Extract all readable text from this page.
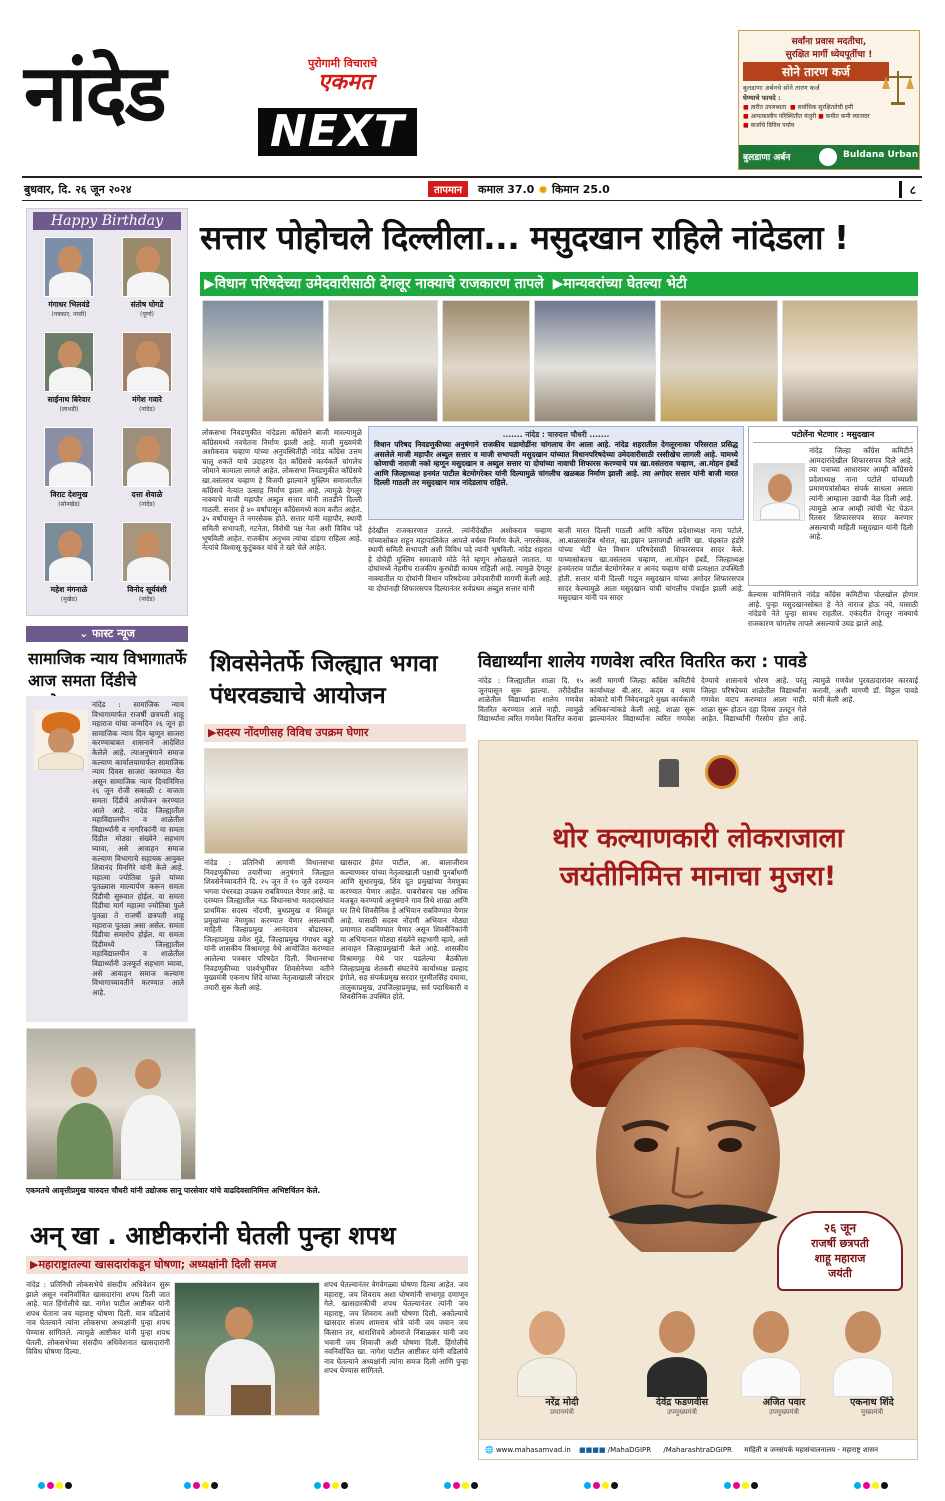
नांदेड	पुरोगामी विचाराचे
एकमत
NEXT
सर्वांना प्रवास मदतीचा,
सुरक्षित मार्गी ध्येयपूर्तीचा !
सोने तारण कर्ज
बुलडाणा अर्बनचे सोने तारण कर्ज
घेण्याचे फायदे :
■ त्वरीत उपलब्धता ■ सर्वाधिक सुरक्षिततेची हमी
■ आपत्कालीन परिस्थितीत मंजुरी ■ कमीत कमी व्याजदर
■ कर्जाचे विविध पर्याय
बुलडाणा अर्बन	Buldana Urban
बुधवार, दि. २६ जून २०२४	तापमान	कमाल 37.0 ✹ किमान 25.0	८
Happy Birthday
गंगाधर भिलवंडे
(पत्रकार, नरसी)
संतोष घोगडे
(पूर्णा)
साईनाथ बिरेवार
(लाथडी)
मंगेश गवारे
(नांदेड)
विराट देशमुख
(सोनखेड)
दत्ता शेवाळे
(नांदेड)
महेश मंगनाळे
(मुखेड)
विनोद सूर्यवंशी
(नांदेड)
सत्तार पोहोचले दिल्लीला... मसुदखान राहिले नांदेडला !
▶विधान परिषदेच्या उमेदवारीसाठी देगलूर नाक्याचे राजकारण तापले ▶मान्यवरांच्या घेतल्या भेटी
लोकसभा निवडणुकीत नांदेडला काँग्रेसने बाजी मारल्यामुळे काँग्रेसमध्ये नवचेतना निर्माण झाली आहे. माजी मुख्यमंत्री अशोकराव चव्हाण यांच्या अनुपस्थितीही नांदेड काँग्रेस उत्तम चालू शकते याचे उदाहरण देत काँग्रेसचे कार्यकर्ते चांगलेच जोमाने कामाला लागले आहेत. लोकसभा निवडणुकीत काँग्रेसचे खा.वसंतराव चव्हाण हे विजयी झाल्याने मुस्लिम समाजातील काँग्रेसचे नेत्यांत उत्साह निर्माण झाला आहे. त्यामुळे देगलूर नाक्याचे माजी महापौर अब्दुल सत्तार यांनी तातडीने दिल्ली गाठली. सत्तार हे ४० वर्षांपासून काँग्रेसमध्ये काम करीत आहेत. ३५ वर्षांपासून ते नगरसेवक होते. सत्तार यांनी महापौर, स्थायी समिती सभापती, गटनेता, विरोधी पक्ष नेता अशी विविध पदे भूषविली आहेत. राजकीय अनुभव त्यांचा दांडगा राहिला आहे. नेत्यांचे विश्वासू कुटुंबकर यांचे ते खरे चेले आहेत.
....... नांदेड : चारुदत्त चौधरी .......
विधान परिषद निवडणुकीच्या अनुषंगाने राजकीय घडामोडींना चांगलाच वेग आला आहे. नांदेड शहरातील देगलूरनाका परिसरात प्रसिद्ध असलेले माजी महापौर अब्दुल सत्तार व माजी सभापती मसुदखान यांच्यात विधानपरिषदेच्या उमेदवारीसाठी रस्सीखेच लागली आहे. यामध्ये कोणाची नाराजी नको म्हणून मसुदखान व अब्दुल सत्तार या दोघांच्या नावाची शिफारस करण्याचे पत्र खा.वसंतराव चव्हाण, आ.मोहन हंबर्डे आणि जिल्हाध्यक्ष हनमंत पाटील बेटमोगरेकर यांनी दिल्यामुळे चांगलीच खळबळ निर्माण झाली आहे. त्या अगोदर सत्तार यांनी बाजी मारत दिल्ली गाठली तर मसुदखान मात्र नांदेडलाच राहिले.
हेदेखील राजकारणात उतरले. त्यांनीदेखील अशोकराव चव्हाण यांच्यासोबत राहून महापालिकेत आपले वर्चस्व निर्माण केले. नगरसेवक, स्थायी समिती सभापती अशी विविध पदे त्यांनी भूषविली. नांदेड शहरात हे दोघेही मुस्लिम समाजाचे मोठे नेते म्हणून ओळखले जातात. या दोघांमध्ये नेहमीच राजकीय कुरघोडी कायम राहिली आहे. त्यामुळे देगलूर नाक्यातील या दोघांनी विधान परिषदेच्या उमेदवारीची मागणी केली आहे. या दोघांनाही शिफारसपत्र दिल्यानंतर सर्वप्रथम अब्दुल सत्तार यांनी
बाजी मारत दिल्ली गाठली आणि काँग्रेस प्रदेशाध्यक्ष नाना पटोले, आ.बाळासाहेब थोरात, खा.इम्रान प्रतापगढी आणि खा. चंद्रकांत हंडोरे यांच्या भेटी घेत विधान परिषदेसाठी शिफारसपत्र सादर केले. याच्यासोबतच खा.वसंतराव चव्हाण, आ.मोहन हंबर्डे, जिल्हाध्यक्ष हनमंतराव पाटील बेटमोगरेकर व आनंद चव्हाण यांची प्रत्यक्षात उपस्थिती होती. सत्तार यांनी दिल्ली गाठून मसुदखान यांच्या अगोदर शिफारसपत्र सादर केल्यामुळे आता मसुदखान यांची चांगलीच पंचाईत झाली आहे. मसुदखान यांनी पत्र सादर
पटोलेंना भेटणार : मसुदखान
नांदेड जिल्हा काँग्रेस कमिटीने आमदारांदेखील शिफारसपत्र दिले आहे. त्या पत्राच्या आधारावर आम्ही काँग्रेसचे प्रदेशाध्यक्ष नाना पटोले यांच्याशी प्रमाणपत्रांसोबत संपर्क साधला असता त्यांनी आम्हाला उद्याची वेळ दिली आहे. त्यामुळे आज आम्ही त्यांची भेट घेऊन रितसर शिफारसपत्र सादर करणार असल्याची माहिती मसुदखान यांनी दिली आहे.
केल्यास यानिमित्ताने नांदेड काँग्रेस कमिटीचा पोलखोल होणार आहे. पुन्हा मसुदखानसोबत हे नेते नाराज होऊ नये, यासाठी नांदेडचे नेते पुन्हा सावध राहतील. एकंदरीत देगलूर नाक्याचे राजकारण चांगलेच तापले असल्याचे उघड झाले आहे.
⌄ फास्ट न्यूज
सामाजिक न्याय विभागातर्फे आज समता दिंडीचे
नांदेड : सामाजिक न्याय विभागामार्फत राजर्षी छत्रपती शाहू महाराज यांचा जन्मदिन २६ जून हा सामाजिक न्याय दिन म्हणून साजरा करण्याबाबत शासनाने आदेशित केलेले आहे. त्याअनुषंगाने समाज कल्याण कार्यालयामार्फत सामाजिक न्याय दिवस साजरा करण्यात येत असून सामाजिक न्याय दिनानिमित्त २६ जून रोजी सकाळी ८ वाजता समता दिंडीचे आयोजन करण्यात आले आहे. नांदेड जिल्ह्यातील महाविद्यालयीन व शाळेतील विद्यार्थ्यांनी व नागरिकांनी या समता दिंडीत मोठ्या संख्येने सहभाग घ्यावा, असे आवाहन समाज कल्याण विभागाचे सहायक आयुक्त शिवानंद मिनगिरे यांनी केले आहे. महात्मा ज्योतिबा फुले यांच्या पुतळ्यास माल्यार्पण करून समता दिंडीची सुरुवात होईल. या समता दिंडीचा मार्ग महात्मा ज्योतिबा फुले पुतळा ते राजर्षी छत्रपती शाहू महाराज पुतळा असा असेल. समता दिंडीचा समारोप होईल. या समता दिंडीमध्ये जिल्ह्यातील महाविद्यालयीन व शाळेतील विद्यार्थ्यांनी उत्स्फूर्त सहभाग घ्यावा, असे आवाहन समाज कल्याण विभागाच्यावतीने करण्यात आले आहे.
शिवसेनेतर्फे जिल्ह्यात भगवा पंधरवड्याचे आयोजन
▶सदस्य नोंदणीसह विविध उपक्रम घेणार
नांदेड : प्रतिनिधी आगामी विधानसभा निवडणुकीच्या तयारीच्या अनुषंगाने जिल्ह्यात शिवसेनेच्यावतीने दि. २५ जून ते १० जुलै दरम्यान भगवा पंधरवडा उपक्रम राबविण्यात येणार आहे. या दरम्यान जिल्ह्यातील नऊ विधानसभा मतदारसंघात प्राथमिक सदस्य नोंदणी, बुथप्रमुख व शिवदूत प्रमुखांच्या नेमणुका करण्यात येणार असल्याची माहिती जिल्हाप्रमुख आनंदराव बोंढारकर, जिल्हाप्रमुख उमेश मुंढे, जिल्हाप्रमुख गंगाधर बडूरे यांनी शासकीय विश्रामगृह येथे आयोजित करण्यात आलेल्या पत्रकार परिषदेत दिली. विधानसभा निवडणुकीच्या पार्श्वभूमीवर शिवसेनेच्या वतीने मुख्यमंत्री एकनाथ शिंदे यांच्या नेतृत्वाखाली जोरदार तयारी सुरू केली आहे.
खासदार हेमंत पाटील, आ. बालाजीराव कल्याणकर यांच्या नेतृत्वाखाली पक्षाची पुनर्बांधणी आणि सुधारमुख, शिव दूत प्रमुखांच्या नेमणुका करण्यात येणार आहेत. याबरोबरच पक्ष अधिक मजबूत करण्याचे अनुषंगाने गाव तिथे शाखा आणि घर तिथे शिवसैनिक हे अभियान राबविण्यात येणार आहे. यासाठी सदस्य नोंदणी अभियान मोठ्या प्रमाणात राबविण्यात येणार असून शिवसैनिकांनी या अभियानात मोठ्या संख्येने सहभागी व्हावे, असे आवाहन जिल्हाप्रमुखांनी केले आहे. शासकीय विश्रामगृह येथे पार पडलेल्या बैठकीला जिल्हाप्रमुख शेतकरी संघटनेचे कार्याध्यक्ष प्रल्हाद इंगोले, सह संपर्कप्रमुख सरदार गुरमीतसिंह दमाया, तालुकाप्रमुख, उपजिल्हाप्रमुख, सर्व पदाधिकारी व शिवसैनिक उपस्थित होते.
विद्यार्थ्यांना शालेय गणवेश त्वरित वितरित करा : पावडे
नांदेड : जिल्ह्यातील शाळा दि. १५ जूनपासून सुरू झाल्या. तरीदेखील शाळेतील विद्यार्थ्यांना शालेय गणवेश वितरित करण्यात आले नाही. त्यामुळे विद्यार्थ्यांना त्वरित गणवेश वितरित करावा अशी मागणी जिल्हा काँग्रेस कमिटीचे कार्याध्यक्ष बी.आर. कदम व श्याम कोकाटे यांनी निवेदनाद्वारे मुख्य कार्यकारी अधिकाऱ्यांकडे केली आहे. शाळा सुरू झाल्यानंतर विद्यार्थ्यांना त्वरित गणवेश देण्याचे शासनाचे धोरण आहे. परंतु जिल्हा परिषदेच्या शाळेतील विद्यार्थ्यांना गणवेश वाटप करण्यात आला नाही. शाळा सुरू होऊन दहा दिवस उलटून गेले आहेत. विद्यार्थ्यांनी गैरसोय होत आहे. त्यामुळे गणवेश पुरवठादारांवर कारवाई करावी, अशी मागणी डॉ. विठ्ठल पावडे यांनी केली आहे.
एकमतचे आवृत्तीप्रमुख चारुदत्त चौधरी यांनी उद्योजक सानू पारसेवार यांचे वाढदिवसानिमित्त अभिष्टचिंतन केले.
अन् खा . आष्टीकरांनी घेतली पुन्हा शपथ
▶महाराष्ट्रातल्या खासदारांकडून घोषणा; अध्यक्षांनी दिली समज
नांदेड : प्रतिनिधी लोकसभेचे संसदीय अधिवेशन सुरू झाले असून नवनिर्वाचित खासदारांना शपथ दिली जात आहे. यात हिंगोलीचे खा. नागेश पाटील आष्टीकर यांनी शपथ घेताना जय महाराष्ट्र घोषणा दिली. मात्र वडिलांचे नाव घेतल्याने त्यांना लोकसभा अध्यक्षांनी पुन्हा शपथ घेण्यास सांगितले. त्यामुळे आष्टीकर यांनी पुन्हा शपथ घेतली. लोकसभेच्या संसदीय अधिवेशनात खासदारांनी विविध घोषणा दिल्या.
शपथ घेतल्यानंतर वेगवेगळ्या घोषणा दिल्या आहेत. जय महाराष्ट्र, जय शिवराय अशा घोषणांनी सभागृह दणाणून गेले. खासदारकीची शपथ घेतल्यानंतर त्यांनी जय महाराष्ट्र, जय शिवराय अशी घोषणा दिली. अकोल्याचे खासदार संजय शामराव धोत्रे यांनी जय जवान जय किसान तर, धाराशिवचे ओमराजे निंबाळकर यांनी जय भवानी जय शिवाजी अशी घोषणा दिली. हिंगोलीचे नवनिर्वाचित खा. नागेश पाटील आष्टीकर यांनी वडिलांचे नाव घेतल्याने अध्यक्षांनी त्यांना समज दिली आणि पुन्हा शपथ घेण्यास सांगितले.
थोर कल्याणकारी लोकराजाला
जयंतीनिमित्त मानाचा मुजरा!
२६ जून
राजर्षी छत्रपती
शाहू महाराज
जयंती
नरेंद्र मोदी
प्रधानमंत्री
देवेंद्र फडणवीस
उपमुख्यमंत्री
अजित पवार
उपमुख्यमंत्री
एकनाथ शिंदे
मुख्यमंत्री
🌐 www.mahasamvad.in ■■■■ /MahaDGIPR /MaharashtraDGIPR माहिती व जनसंपर्क महासंचालनालय - महाराष्ट्र शासन
